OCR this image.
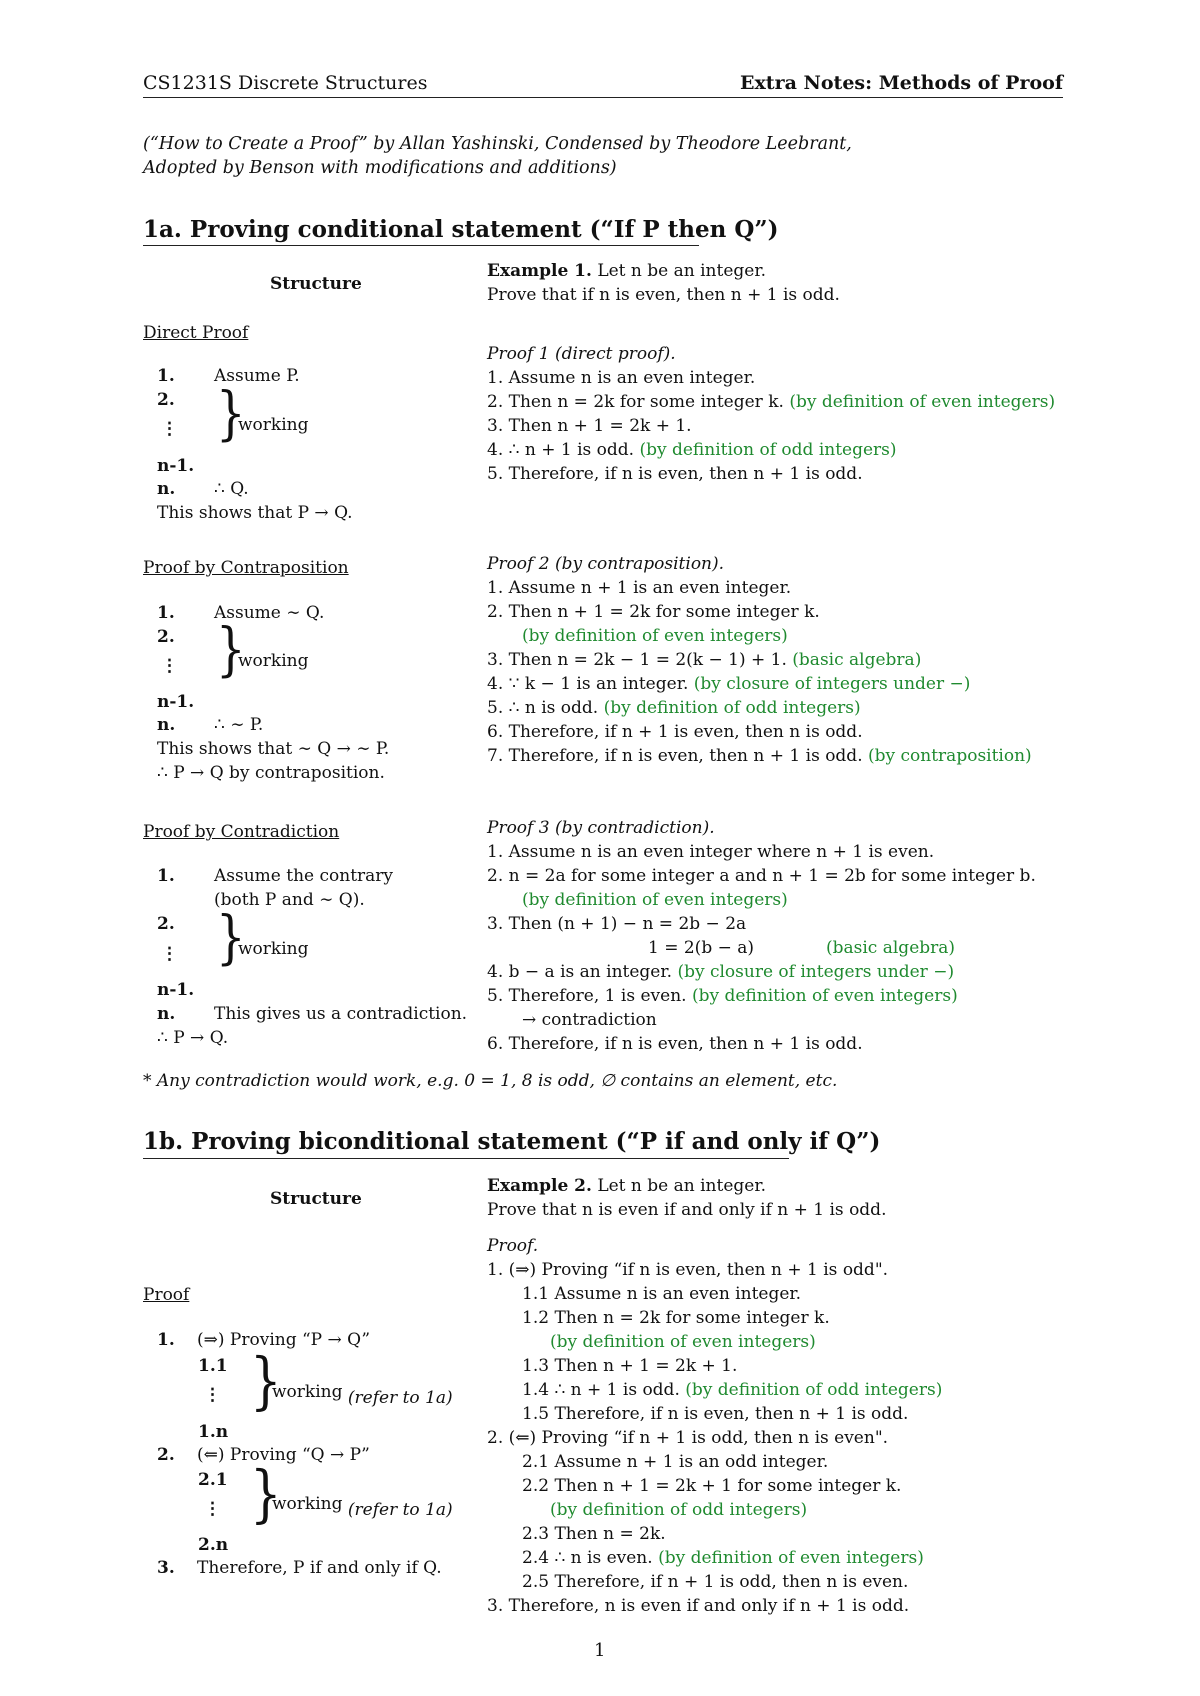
CS1231S Discrete Structures	Extra Notes: Methods of Proof
(“How to Create a Proof” by Allan Yashinski, Condensed by Theodore Leebrant,
Adopted by Benson with modifications and additions)
1a. Proving conditional statement (“If P then Q”)
Structure
Example 1. Let n be an integer.
Prove that if n is even, then n + 1 is odd.
Direct Proof
1. Assume P.
2.
⋮
n-1.
n.
}
working
∴ Q.
This shows that P → Q.
Proof 1 (direct proof).
1. Assume n is an even integer.
2. Then n = 2k for some integer k. (by definition of even integers)
3. Then n + 1 = 2k + 1.
4. ∴ n + 1 is odd. (by definition of odd integers)
5. Therefore, if n is even, then n + 1 is odd.
Proof by Contraposition
1. Assume ∼ Q.
2.
⋮
n-1.
n.
}
working
∴ ∼ P.
This shows that ∼ Q → ∼ P.
∴ P → Q by contraposition.
Proof 2 (by contraposition).
1. Assume n + 1 is an even integer.
2. Then n + 1 = 2k for some integer k.
(by definition of even integers)
3. Then n = 2k − 1 = 2(k − 1) + 1. (basic algebra)
4. ∵ k − 1 is an integer. (by closure of integers under −)
5. ∴ n is odd. (by definition of odd integers)
6. Therefore, if n + 1 is even, then n is odd.
7. Therefore, if n is even, then n + 1 is odd. (by contraposition)
Proof by Contradiction
1. Assume the contrary
(both P and ∼ Q).
2.
⋮
n-1.
n.
}
working
This gives us a contradiction.
∴ P → Q.
Proof 3 (by contradiction).
1. Assume n is an even integer where n + 1 is even.
2. n = 2a for some integer a and n + 1 = 2b for some integer b.
(by definition of even integers)
3. Then (n + 1) − n = 2b − 2a
1 = 2(b − a)	(basic algebra)
4. b − a is an integer. (by closure of integers under −)
5. Therefore, 1 is even. (by definition of even integers)
→ contradiction
6. Therefore, if n is even, then n + 1 is odd.
* Any contradiction would work, e.g. 0 = 1, 8 is odd, ∅ contains an element, etc.
1b. Proving biconditional statement (“P if and only if Q”)
Structure
Example 2. Let n be an integer.
Prove that n is even if and only if n + 1 is odd.
Proof
1. (⇒) Proving “P → Q”
1.1
⋮
1.n
}
working (refer to 1a)
2. (⇐) Proving “Q → P”
2.1
⋮
2.n
}
working (refer to 1a)
3. Therefore, P if and only if Q.
Proof.
1. (⇒) Proving “if n is even, then n + 1 is odd".
1.1 Assume n is an even integer.
1.2 Then n = 2k for some integer k.
(by definition of even integers)
1.3 Then n + 1 = 2k + 1.
1.4 ∴ n + 1 is odd. (by definition of odd integers)
1.5 Therefore, if n is even, then n + 1 is odd.
2. (⇐) Proving “if n + 1 is odd, then n is even".
2.1 Assume n + 1 is an odd integer.
2.2 Then n + 1 = 2k + 1 for some integer k.
(by definition of odd integers)
2.3 Then n = 2k.
2.4 ∴ n is even. (by definition of even integers)
2.5 Therefore, if n + 1 is odd, then n is even.
3. Therefore, n is even if and only if n + 1 is odd.
1
